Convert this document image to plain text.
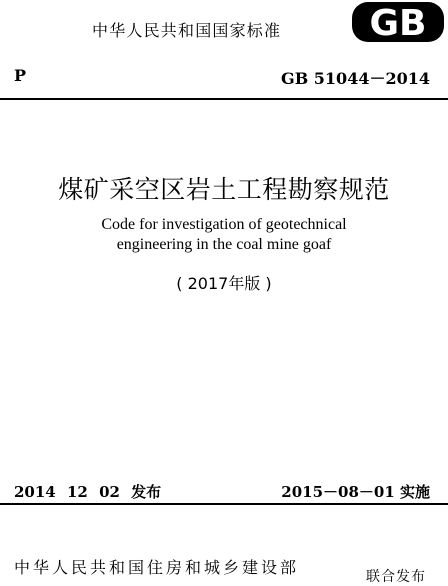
中华人民共和国国家标准 GB
P	GB 51044－2014
煤矿采空区岩土工程勘察规范
Code for investigation of geotechnical
engineering in the coal mine goaf
( 2017年版 )
2014 12 02 发布	2015－08－01 实施
中华人民共和国住房和城乡建设部	联合发布
